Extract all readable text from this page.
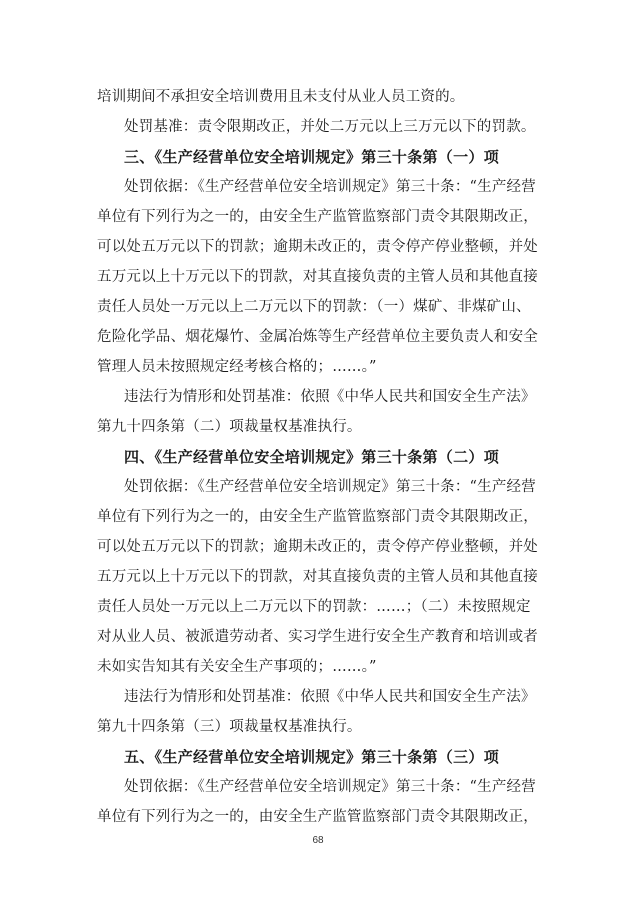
培训期间不承担安全培训费用且未支付从业人员工资的。
处罚基准：责令限期改正，并处二万元以上三万元以下的罚款。
三、《生产经营单位安全培训规定》第三十条第（一）项
处罚依据：《生产经营单位安全培训规定》第三十条：“生产经营
单位有下列行为之一的，由安全生产监管监察部门责令其限期改正，
可以处五万元以下的罚款；逾期未改正的，责令停产停业整顿，并处
五万元以上十万元以下的罚款，对其直接负责的主管人员和其他直接
责任人员处一万元以上二万元以下的罚款：（一）煤矿、非煤矿山、
危险化学品、烟花爆竹、金属冶炼等生产经营单位主要负责人和安全
管理人员未按照规定经考核合格的；……。”
违法行为情形和处罚基准：依照《中华人民共和国安全生产法》
第九十四条第（二）项裁量权基准执行。
四、《生产经营单位安全培训规定》第三十条第（二）项
处罚依据：《生产经营单位安全培训规定》第三十条：“生产经营
单位有下列行为之一的，由安全生产监管监察部门责令其限期改正，
可以处五万元以下的罚款；逾期未改正的，责令停产停业整顿，并处
五万元以上十万元以下的罚款，对其直接负责的主管人员和其他直接
责任人员处一万元以上二万元以下的罚款：……；（二）未按照规定
对从业人员、被派遣劳动者、实习学生进行安全生产教育和培训或者
未如实告知其有关安全生产事项的；……。”
违法行为情形和处罚基准：依照《中华人民共和国安全生产法》
第九十四条第（三）项裁量权基准执行。
五、《生产经营单位安全培训规定》第三十条第（三）项
处罚依据：《生产经营单位安全培训规定》第三十条：“生产经营
单位有下列行为之一的，由安全生产监管监察部门责令其限期改正，
68
